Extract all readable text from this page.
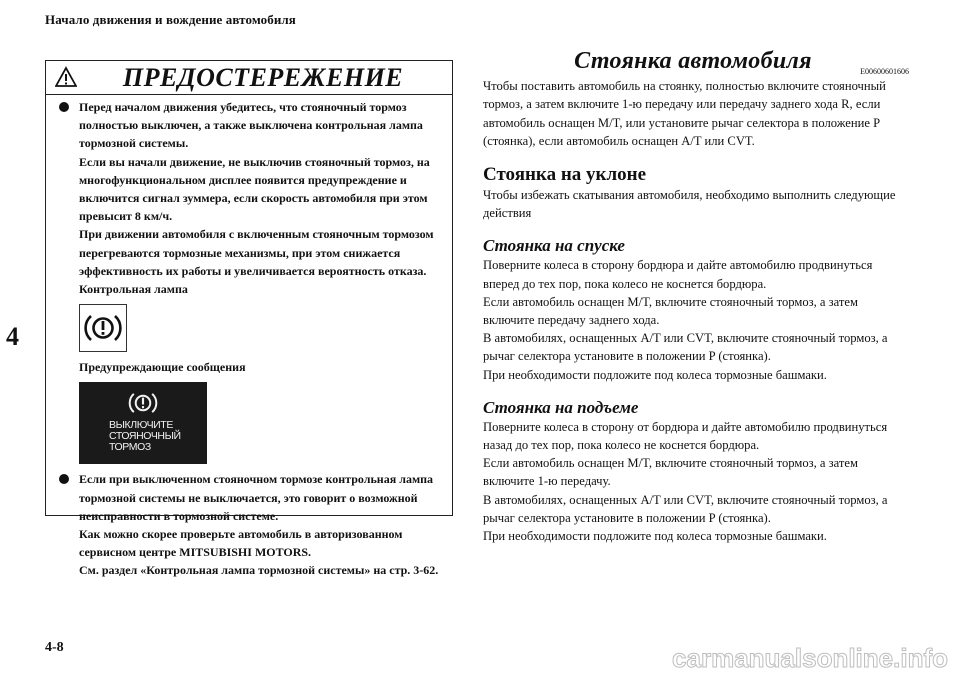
Начало движения и вождение автомобиля
4
4-8
ПРЕДОСТЕРЕЖЕНИЕ
Перед началом движения убедитесь, что стояночный тормоз полностью выключен, а также выключена контрольная лампа тормозной системы.
Если вы начали движение, не выключив стояночный тормоз, на многофункциональном дисплее появится предупреждение и включится сигнал зуммера, если скорость автомобиля при этом превысит 8 км/ч.
При движении автомобиля с включенным стояночным тормозом перегреваются тормозные механизмы, при этом снижается эффективность их работы и увеличивается вероятность отказа.
Контрольная лампа
Предупреждающие сообщения
ВЫКЛЮЧИТЕ
СТОЯНОЧНЫЙ
ТОРМОЗ
Если при выключенном стояночном тормозе контрольная лампа тормозной системы не выключается, это говорит о возможной неисправности в тормозной системе.
Как можно скорее проверьте автомобиль в авторизованном сервисном центре MITSUBISHI MOTORS.
См. раздел «Контрольная лампа тормозной системы» на стр. 3-62.
Стоянка автомобиля	E00600601606

Чтобы поставить автомобиль на стоянку, полностью включите стояночный тормоз, а затем включите 1-ю передачу или передачу заднего хода R, если автомобиль оснащен M/T, или установите рычаг селектора в положение P (стоянка), если автомобиль оснащен A/T или CVT.

Стоянка на уклоне

Чтобы избежать скатывания автомобиля, необходимо выполнить следующие действия

Стоянка на спуске
Поверните колеса в сторону бордюра и дайте автомобилю продвинуться вперед до тех пор, пока колесо не коснется бордюра.
Если автомобиль оснащен M/T, включите стояночный тормоз, а затем включите передачу заднего хода.
В автомобилях, оснащенных A/T или CVT, включите стояночный тормоз, а рычаг селектора установите в положении P (стоянка).
При необходимости подложите под колеса тормозные башмаки.
Стоянка на подъеме
Поверните колеса в сторону от бордюра и дайте автомобилю продвинуться назад до тех пор, пока колесо не коснется бордюра.
Если автомобиль оснащен M/T, включите стояночный тормоз, а затем включите 1-ю передачу.
В автомобилях, оснащенных A/T или CVT, включите стояночный тормоз, а рычаг селектора установите в положении P (стоянка).
При необходимости подложите под колеса тормозные башмаки.
carmanualsonline.info
